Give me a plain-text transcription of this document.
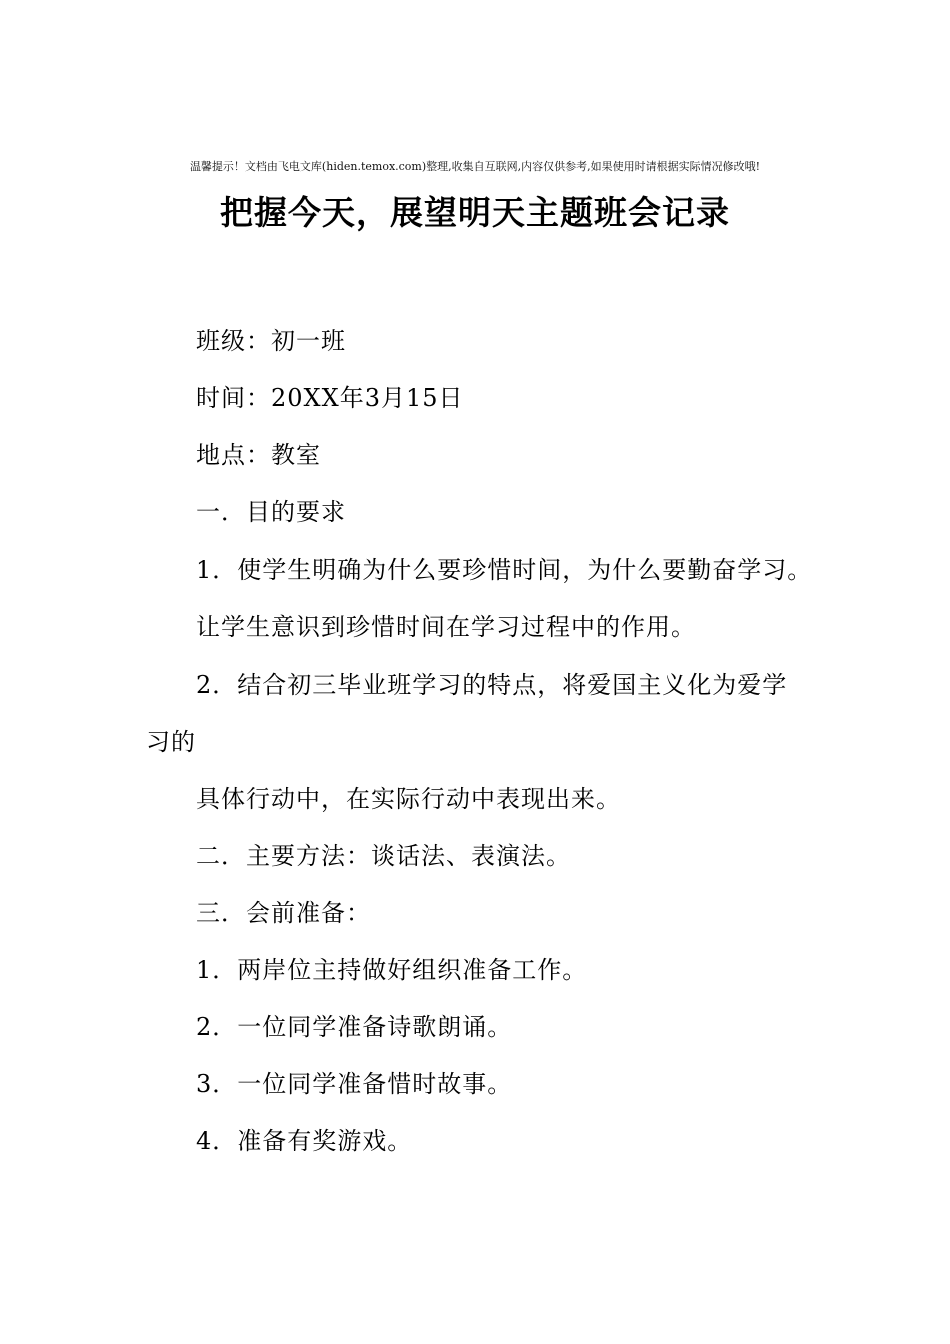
温馨提示！文档由飞电文库(hiden.temox.com)整理,收集自互联网,内容仅供参考,如果使用时请根据实际情况修改哦!
把握今天，展望明天主题班会记录
班级：初一班
时间：20XX年3月15日
地点：教室
一．目的要求
1．使学生明确为什么要珍惜时间，为什么要勤奋学习。
让学生意识到珍惜时间在学习过程中的作用。
2．结合初三毕业班学习的特点，将爱国主义化为爱学
习的
具体行动中，在实际行动中表现出来。
二．主要方法：谈话法、表演法。
三．会前准备：
1．两岸位主持做好组织准备工作。
2．一位同学准备诗歌朗诵。
3．一位同学准备惜时故事。
4．准备有奖游戏。
